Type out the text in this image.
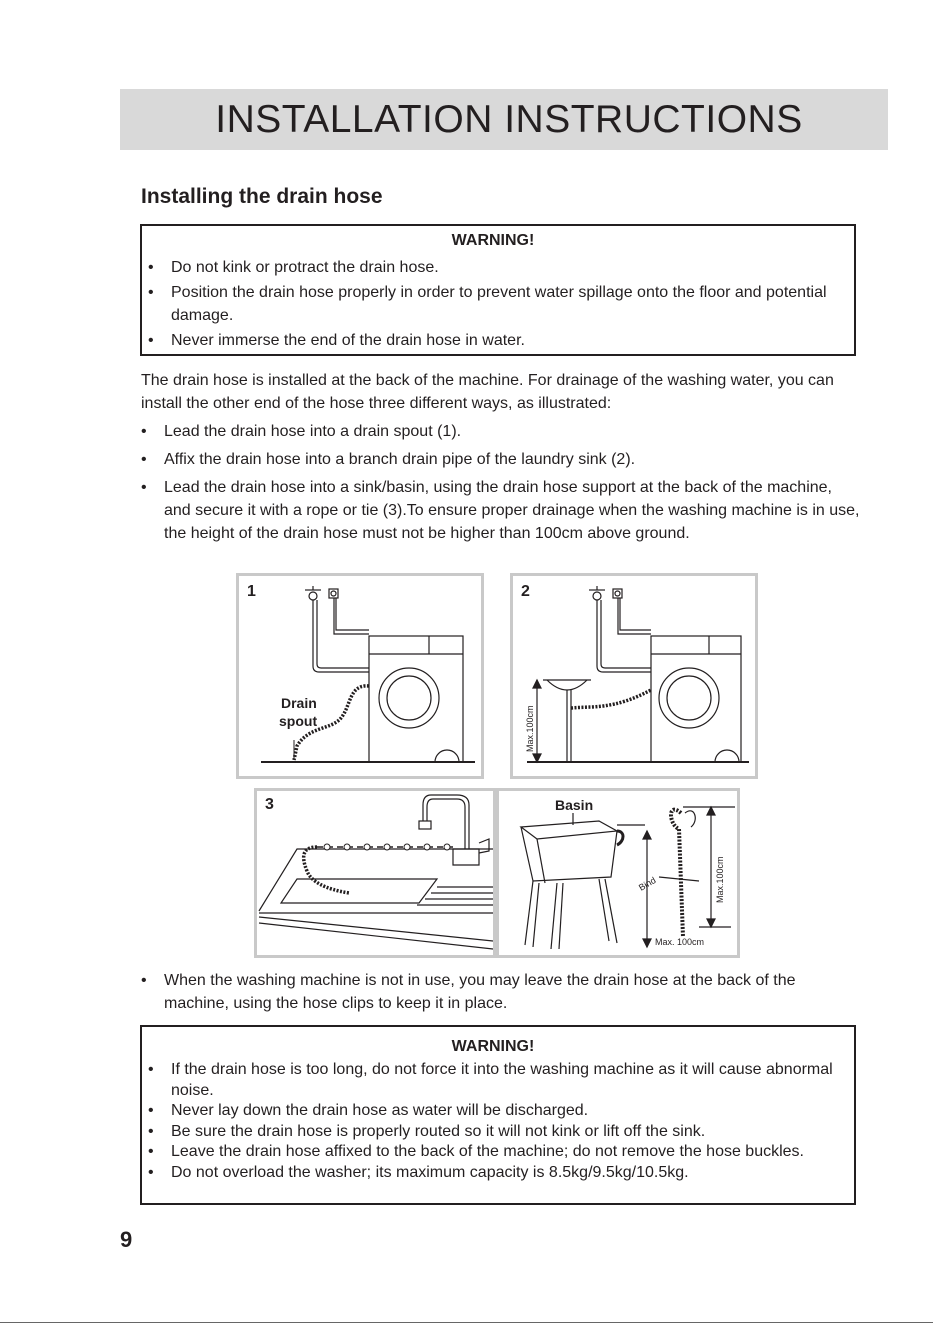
INSTALLATION INSTRUCTIONS
Installing the drain hose
WARNING!
• Do not kink or protract the drain hose.
• Position the drain hose properly in order to prevent water spillage onto the floor and potential damage.
• Never immerse the end of the drain hose in water.

The drain hose is installed at the back of the machine. For drainage of the washing water, you can install the other end of the hose three different ways, as illustrated:

• Lead the drain hose into a drain spout (1).
• Affix the drain hose into a branch drain pipe of the laundry sink (2).
• Lead the drain hose into a sink/basin, using the drain hose support at the back of the machine, and secure it with a rope or tie (3).To ensure proper drainage when the washing machine is in use, the height of the drain hose must not be higher than 100cm above ground.
1
Drain
spout
2
Max.100cm
3	Basin
Bind	Max.100cm
Max. 100cm
• When the washing machine is not in use, you may leave the drain hose at the back of the machine, using the hose clips to keep it in place.
WARNING!
• If the drain hose is too long, do not force it into the washing machine as it will cause abnormal noise.
• Never lay down the drain hose as water will be discharged.
• Be sure the drain hose is properly routed so it will not kink or lift off the sink.
• Leave the drain hose affixed to the back of the machine; do not remove the hose buckles.
• Do not overload the washer; its maximum capacity is 8.5kg/9.5kg/10.5kg.
9
